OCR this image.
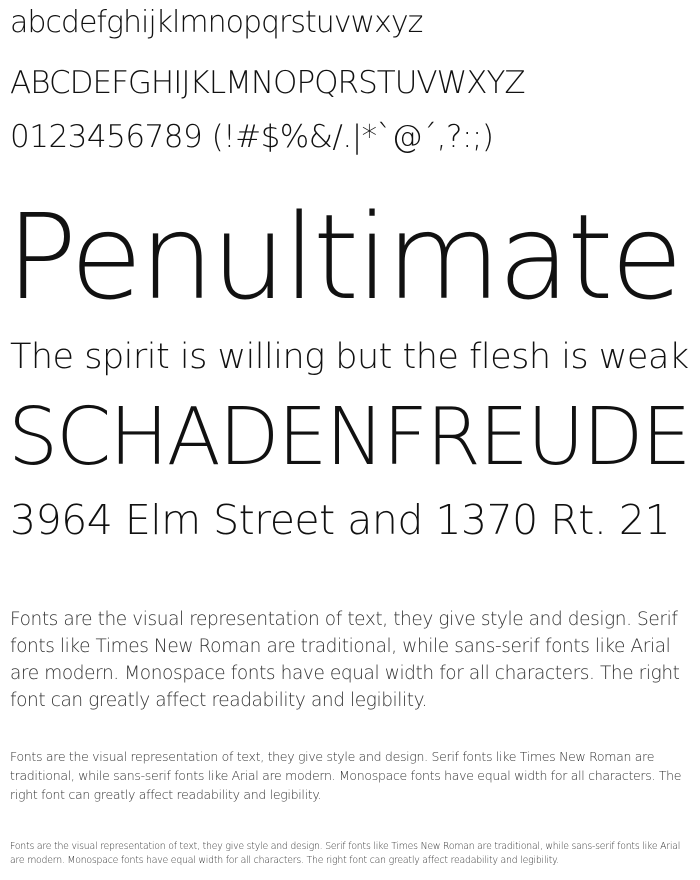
abcdefghijklmnopqrstuvwxyz

ABCDEFGHIJKLMNOPQRSTUVWXYZ

0123456789 (!#$%&/.|*`@´,?:;)

Penultimate

The spirit is willing but the flesh is weak

SCHADENFREUDE

3964 Elm Street and 1370 Rt. 21

Fonts are the visual representation of text, they give style and design. Serif fonts like Times New Roman are traditional, while sans-serif fonts like Arial are modern. Monospace fonts have equal width for all characters. The right font can greatly affect readability and legibility.

Fonts are the visual representation of text, they give style and design. Serif fonts like Times New Roman are traditional, while sans-serif fonts like Arial are modern. Monospace fonts have equal width for all characters. The right font can greatly affect readability and legibility.

Fonts are the visual representation of text, they give style and design. Serif fonts like Times New Roman are traditional, while sans-serif fonts like Arial are modern. Monospace fonts have equal width for all characters. The right font can greatly affect readability and legibility.
